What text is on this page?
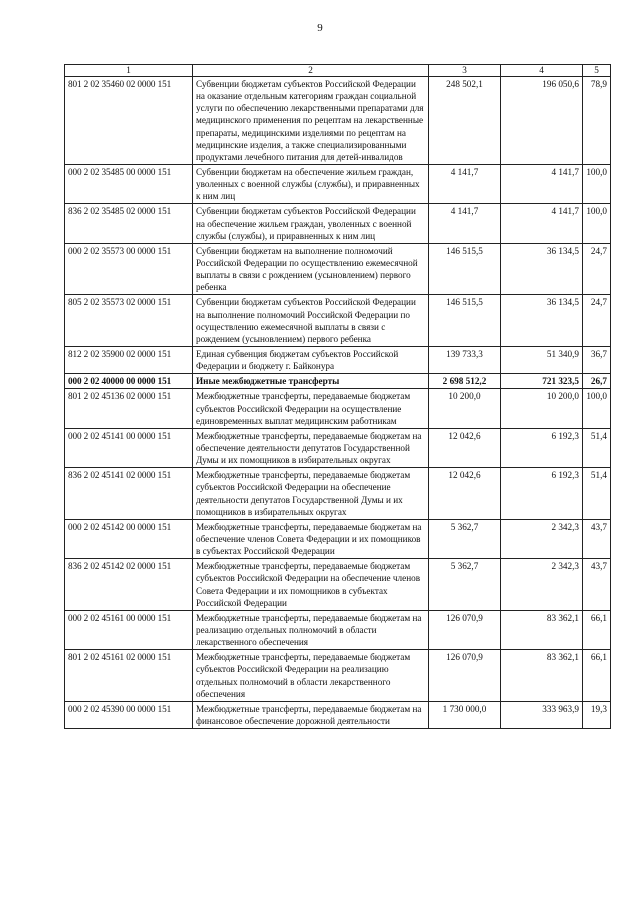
9
1	2	3	4	5
801 2 02 35460 02 0000 151	Субвенции бюджетам субъектов Российской Федерации на оказание отдельным категориям граждан социальной услуги по обеспечению лекарственными препаратами для медицинского применения по рецептам на лекарственные препараты, медицинскими изделиями по рецептам на медицинские изделия, а также специализированными продуктами лечебного питания для детей-инвалидов	248 502,1	196 050,6	78,9
000 2 02 35485 00 0000 151	Субвенции бюджетам на обеспечение жильем граждан, уволенных с военной службы (службы), и приравненных к ним лиц	4 141,7	4 141,7	100,0
836 2 02 35485 02 0000 151	Субвенции бюджетам субъектов Российской Федерации на обеспечение жильем граждан, уволенных с военной службы (службы), и приравненных к ним лиц	4 141,7	4 141,7	100,0
000 2 02 35573 00 0000 151	Субвенции бюджетам на выполнение полномочий Российской Федерации по осуществлению ежемесячной выплаты в связи с рождением (усыновлением) первого ребенка	146 515,5	36 134,5	24,7
805 2 02 35573 02 0000 151	Субвенции бюджетам субъектов Российской Федерации на выполнение полномочий Российской Федерации по осуществлению ежемесячной выплаты в связи с рождением (усыновлением) первого ребенка	146 515,5	36 134,5	24,7
812 2 02 35900 02 0000 151	Единая субвенция бюджетам субъектов Российской Федерации и бюджету г. Байконура	139 733,3	51 340,9	36,7
000 2 02 40000 00 0000 151	Иные межбюджетные трансферты	2 698 512,2	721 323,5	26,7
801 2 02 45136 02 0000 151	Межбюджетные трансферты, передаваемые бюджетам субъектов Российской Федерации на осуществление единовременных выплат медицинским работникам	10 200,0	10 200,0	100,0
000 2 02 45141 00 0000 151	Межбюджетные трансферты, передаваемые бюджетам на обеспечение деятельности депутатов Государственной Думы и их помощников в избирательных округах	12 042,6	6 192,3	51,4
836 2 02 45141 02 0000 151	Межбюджетные трансферты, передаваемые бюджетам субъектов Российской Федерации на обеспечение деятельности депутатов Государственной Думы и их помощников в избирательных округах	12 042,6	6 192,3	51,4
000 2 02 45142 00 0000 151	Межбюджетные трансферты, передаваемые бюджетам на обеспечение членов Совета Федерации и их помощников в субъектах Российской Федерации	5 362,7	2 342,3	43,7
836 2 02 45142 02 0000 151	Межбюджетные трансферты, передаваемые бюджетам субъектов Российской Федерации на обеспечение членов Совета Федерации и их помощников в субъектах Российской Федерации	5 362,7	2 342,3	43,7
000 2 02 45161 00 0000 151	Межбюджетные трансферты, передаваемые бюджетам на реализацию отдельных полномочий в области лекарственного обеспечения	126 070,9	83 362,1	66,1
801 2 02 45161 02 0000 151	Межбюджетные трансферты, передаваемые бюджетам субъектов Российской Федерации на реализацию отдельных полномочий в области лекарственного обеспечения	126 070,9	83 362,1	66,1
000 2 02 45390 00 0000 151	Межбюджетные трансферты, передаваемые бюджетам на финансовое обеспечение дорожной деятельности	1 730 000,0	333 963,9	19,3
